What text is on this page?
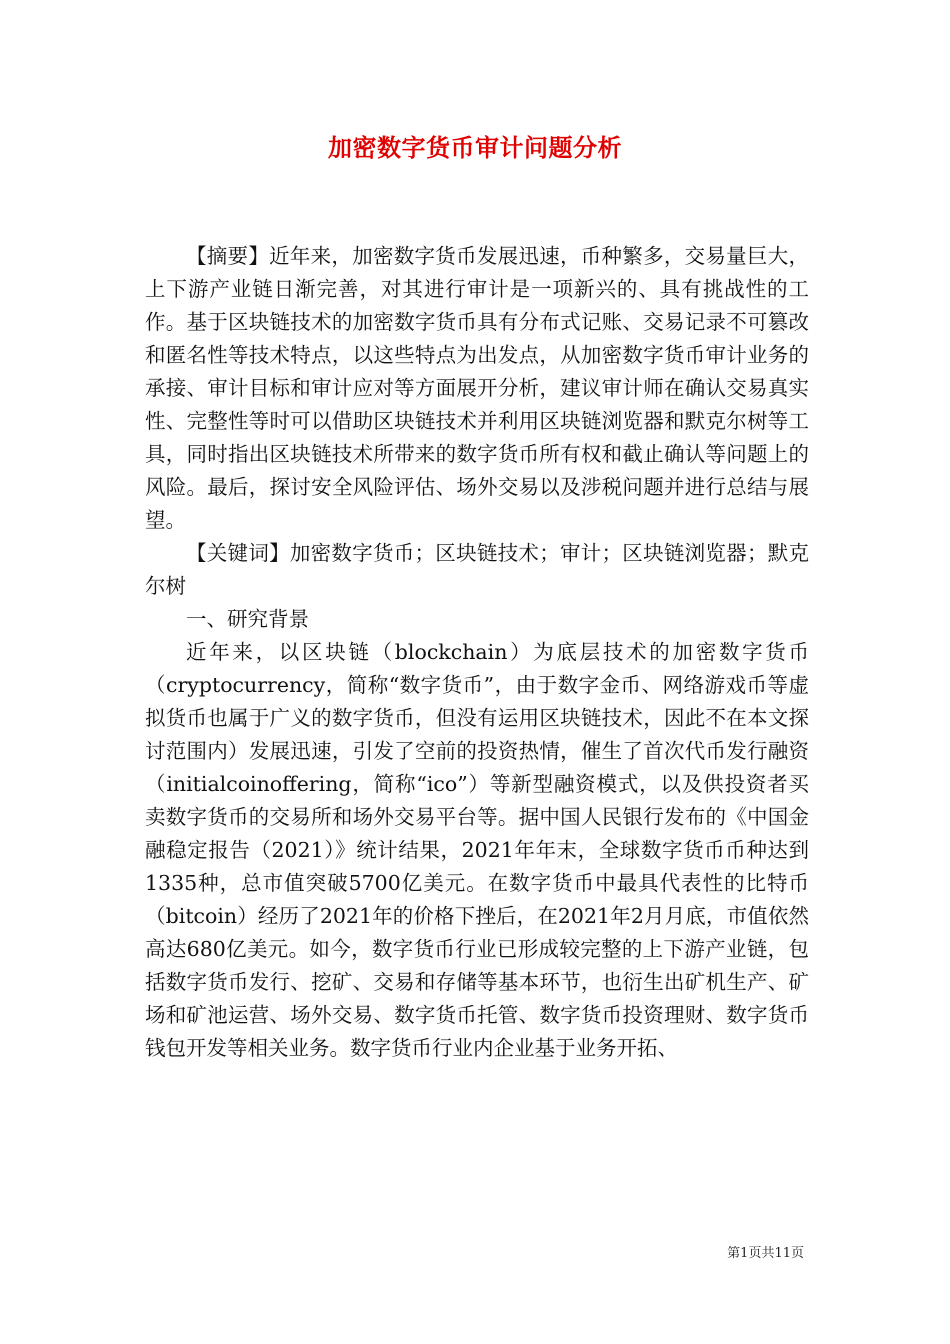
加密数字货币审计问题分析

【摘要】近年来，加密数字货币发展迅速，币种繁多，交易量巨大，上下游产业链日渐完善，对其进行审计是一项新兴的、具有挑战性的工作。基于区块链技术的加密数字货币具有分布式记账、交易记录不可篡改和匿名性等技术特点，以这些特点为出发点，从加密数字货币审计业务的承接、审计目标和审计应对等方面展开分析，建议审计师在确认交易真实性、完整性等时可以借助区块链技术并利用区块链浏览器和默克尔树等工具，同时指出区块链技术所带来的数字货币所有权和截止确认等问题上的风险。最后，探讨安全风险评估、场外交易以及涉税问题并进行总结与展望。

【关键词】加密数字货币；区块链技术；审计；区块链浏览器；默克尔树

一、研究背景

近年来，以区块链（blockchain）为底层技术的加密数字货币（cryptocurrency，简称“数字货币”，由于数字金币、网络游戏币等虚拟货币也属于广义的数字货币，但没有运用区块链技术，因此不在本文探讨范围内）发展迅速，引发了空前的投资热情，催生了首次代币发行融资（initialcoinoffering，简称“ico”）等新型融资模式，以及供投资者买卖数字货币的交易所和场外交易平台等。据中国人民银行发布的《中国金融稳定报告（2021）》统计结果，2021年年末，全球数字货币币种达到1335种，总市值突破5700亿美元。在数字货币中最具代表性的比特币（bitcoin）经历了2021年的价格下挫后，在2021年2月月底，市值依然高达680亿美元。如今，数字货币行业已形成较完整的上下游产业链，包括数字货币发行、挖矿、交易和存储等基本环节，也衍生出矿机生产、矿场和矿池运营、场外交易、数字货币托管、数字货币投资理财、数字货币钱包开发等相关业务。数字货币行业内企业基于业务开拓、

第1页共11页
